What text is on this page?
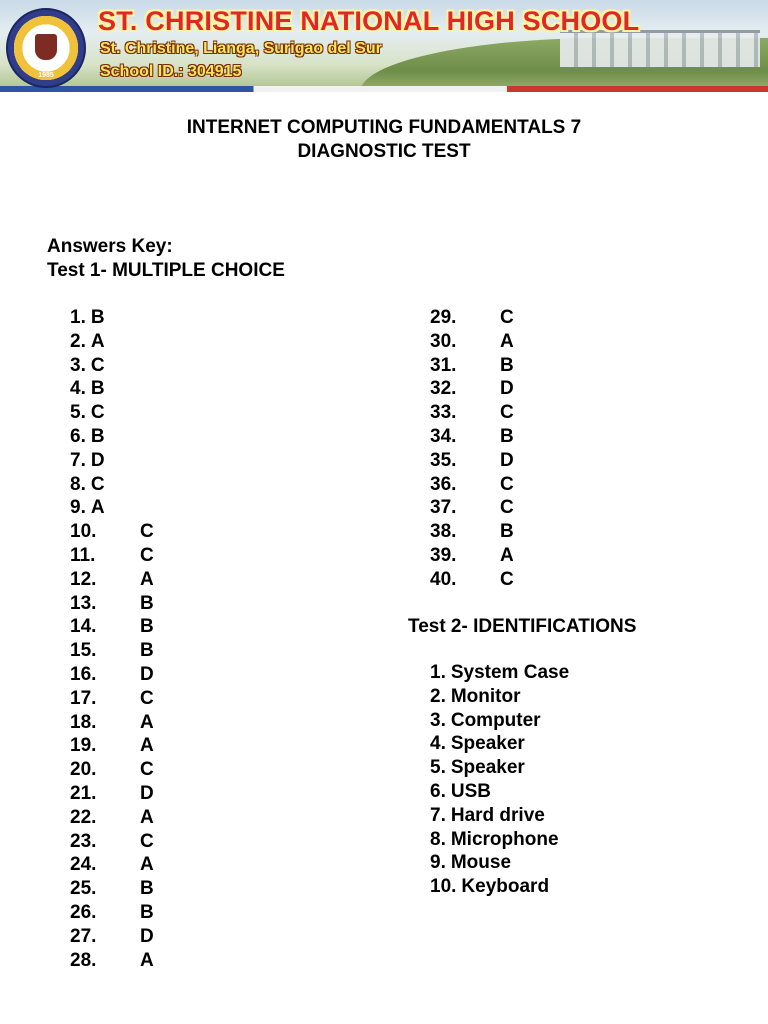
1985
ST. CHRISTINE NATIONAL HIGH SCHOOL

St. Christine, Lianga, Surigao del Sur

School ID.: 304915

INTERNET COMPUTING FUNDAMENTALS 7
DIAGNOSTIC TEST

Answers Key:

Test 1- MULTIPLE CHOICE

1. B
2. A
3. C
4. B
5. C
6. B
7. D
8. C
9. A
10. C
11. C
12. A
13. B
14. B
15. B
16. D
17. C
18. A
19. A
20. C
21. D
22. A
23. C
24. A
25. B
26. B
27. D
28. A
29. C
30. A
31. B
32. D
33. C
34. B
35. D
36. C
37. C
38. B
39. A
40. C

Test 2- IDENTIFICATIONS

1. System Case
2. Monitor
3. Computer
4. Speaker
5. Speaker
6. USB
7. Hard drive
8. Microphone
9. Mouse
10. Keyboard
